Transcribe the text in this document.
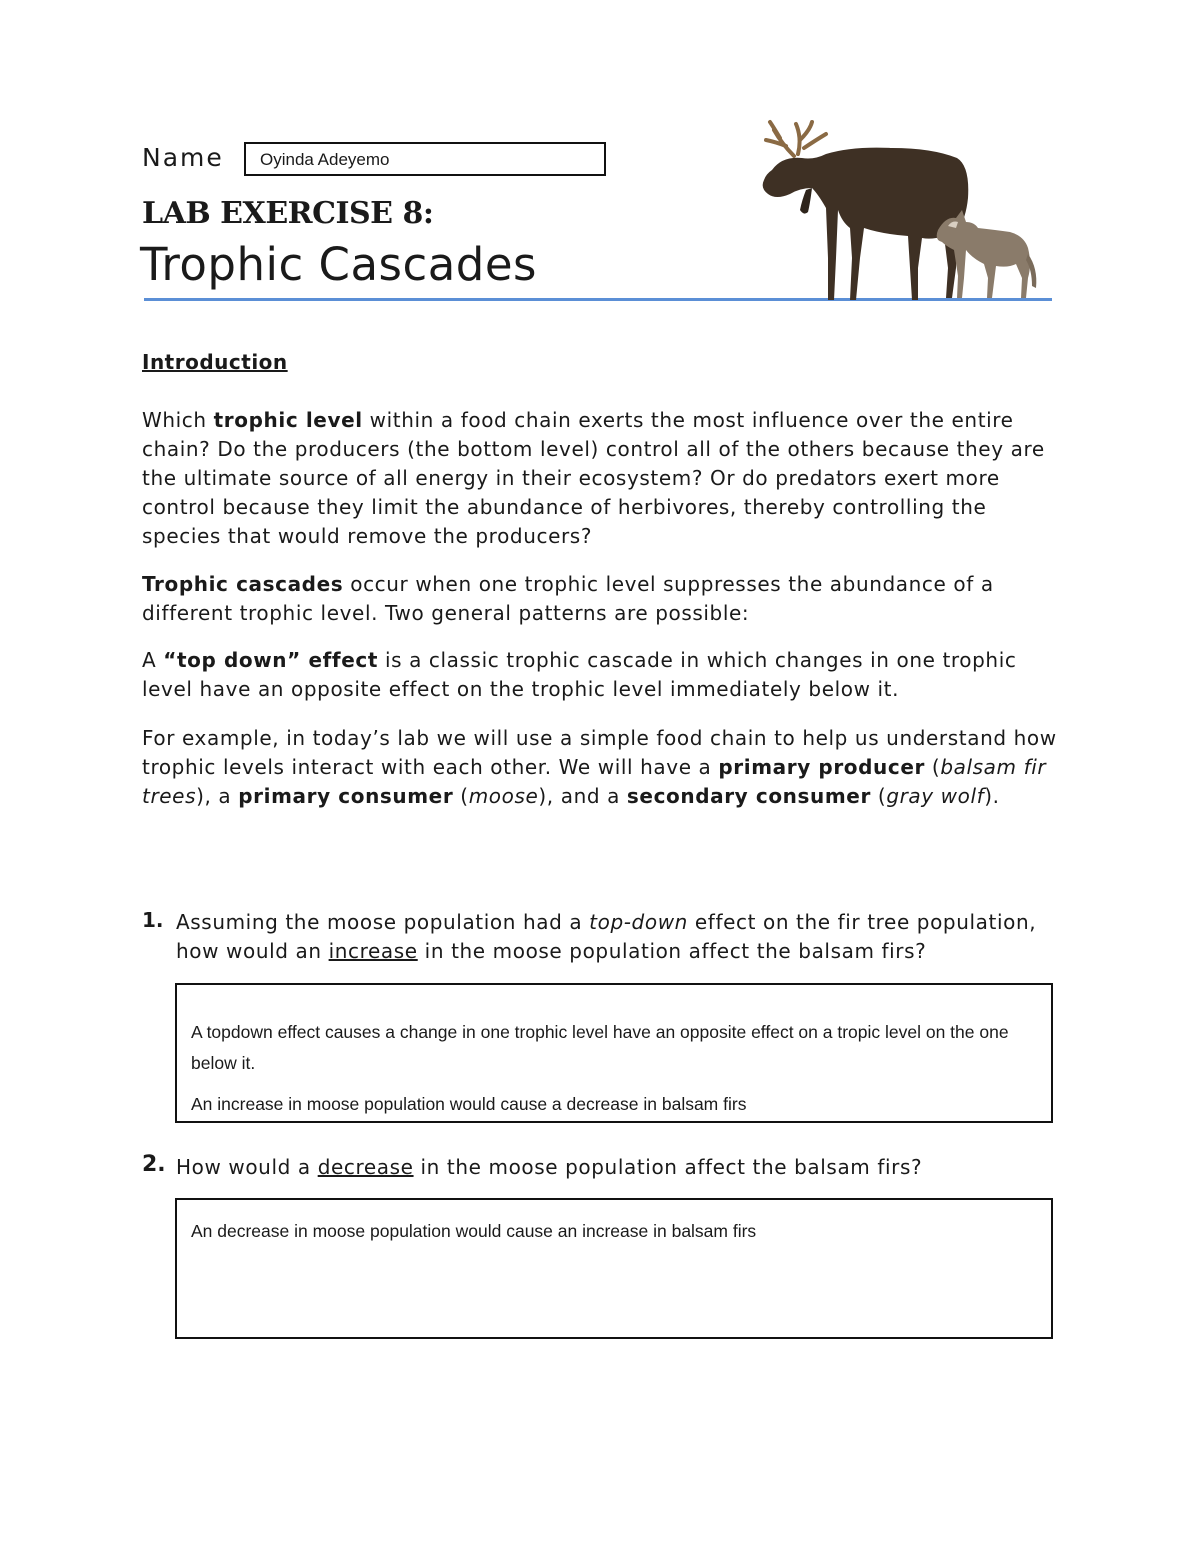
Name	Oyinda Adeyemo
LAB EXERCISE 8:
Trophic Cascades
Introduction
Which trophic level within a food chain exerts the most influence over the entire chain? Do the producers (the bottom level) control all of the others because they are the ultimate source of all energy in their ecosystem? Or do predators exert more control because they limit the abundance of herbivores, thereby controlling the species that would remove the producers?
Trophic cascades occur when one trophic level suppresses the abundance of a different trophic level. Two general patterns are possible:
A “top down” effect is a classic trophic cascade in which changes in one trophic level have an opposite effect on the trophic level immediately below it.
For example, in today’s lab we will use a simple food chain to help us understand how trophic levels interact with each other. We will have a primary producer (balsam fir trees), a primary consumer (moose), and a secondary consumer (gray wolf).
1. Assuming the moose population had a top-down effect on the fir tree population, how would an increase in the moose population affect the balsam firs?
A topdown effect causes a change in one trophic level have an opposite effect on a tropic level on the one below it.
An increase in moose population would cause a decrease in balsam firs
2. How would a decrease in the moose population affect the balsam firs?
An decrease in moose population would cause an increase in balsam firs
